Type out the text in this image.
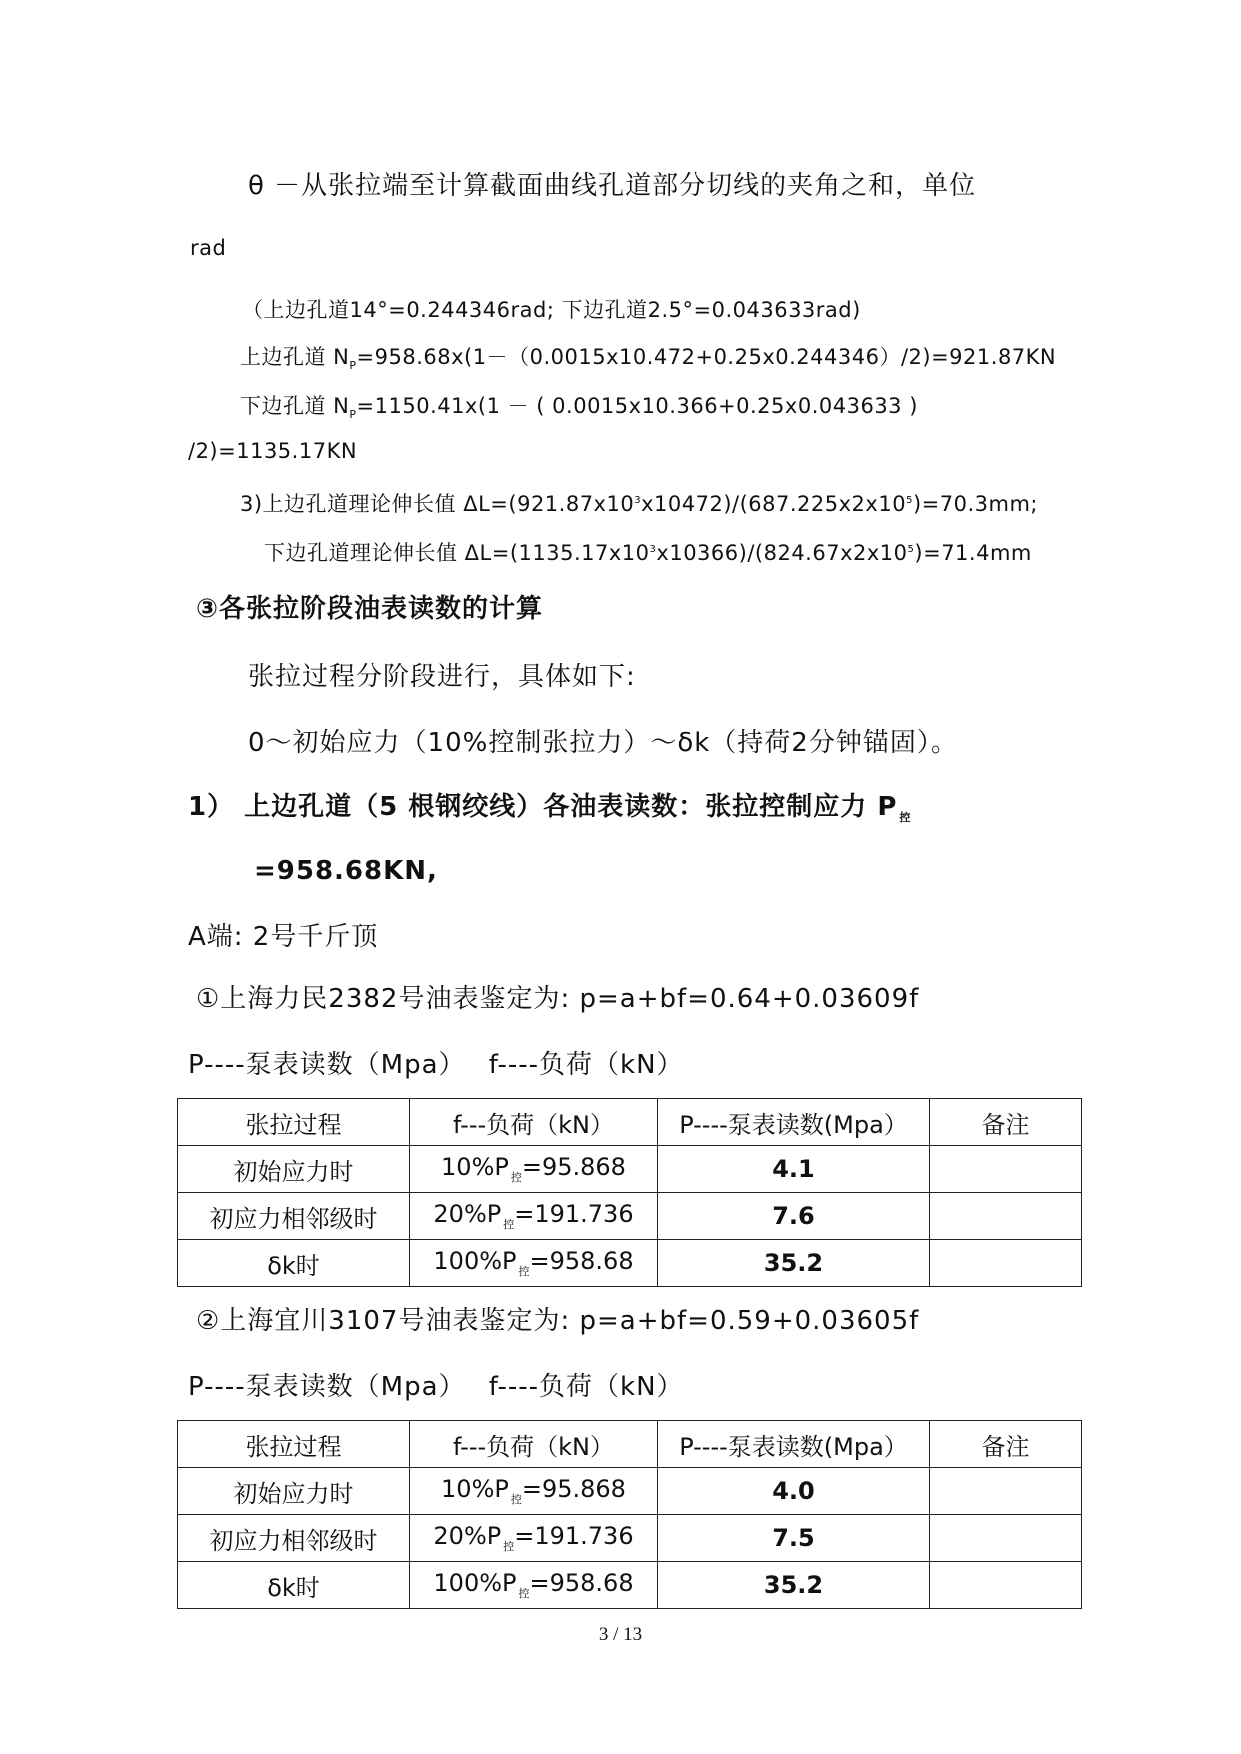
θ －从张拉端至计算截面曲线孔道部分切线的夹角之和，单位
rad
（上边孔道14°=0.244346rad; 下边孔道2.5°=0.043633rad)
上边孔道 $N_P=958.68x(1-(0.0015x10.472+0.25x0.244346)/2)=921.87KN$
下边孔道 $N_P=1150.41x(1$ － ( 0.0015x10.366+0.25x0.043633 )
/2)=1135.17KN
3)上边孔道理论伸长值 $\Delta L=(921.87x10^3x10472)/(687.225x2x10^5)=70.3mm$;
下边孔道理论伸长值 $\Delta L=(1135.17x10^3x10366)/(824.67x2x10^5)=71.4mm$
③各张拉阶段油表读数的计算
张拉过程分阶段进行，具体如下:
0～初始应力（10%控制张拉力）～δk（持荷2分钟锚固）。
1） 上边孔道（5 根钢绞线）各油表读数：张拉控制应力 P $_控$
=958.68KN,
A端: 2号千斤顶
①上海力民2382号油表鉴定为: p=a+bf=0.64+0.03609f
P----泵表读数（Mpa）　 f----负荷（kN）
张拉过程	f---负荷（kN）	P----泵表读数(Mpa）	备注
初始应力时	10%P $_控$=95.868	4.1	
初应力相邻级时	20%P $_控$=191.736	7.6	
δk时	100%P $_控$=958.68	35.2	
②上海宜川3107号油表鉴定为: p=a+bf=0.59+0.03605f
P----泵表读数（Mpa）　 f----负荷（kN）
张拉过程	f---负荷（kN）	P----泵表读数(Mpa）	备注
初始应力时	10%P $_控$=95.868	4.0	
初应力相邻级时	20%P $_控$=191.736	7.5	
δk时	100%P $_控$=958.68	35.2	
3 / 13
